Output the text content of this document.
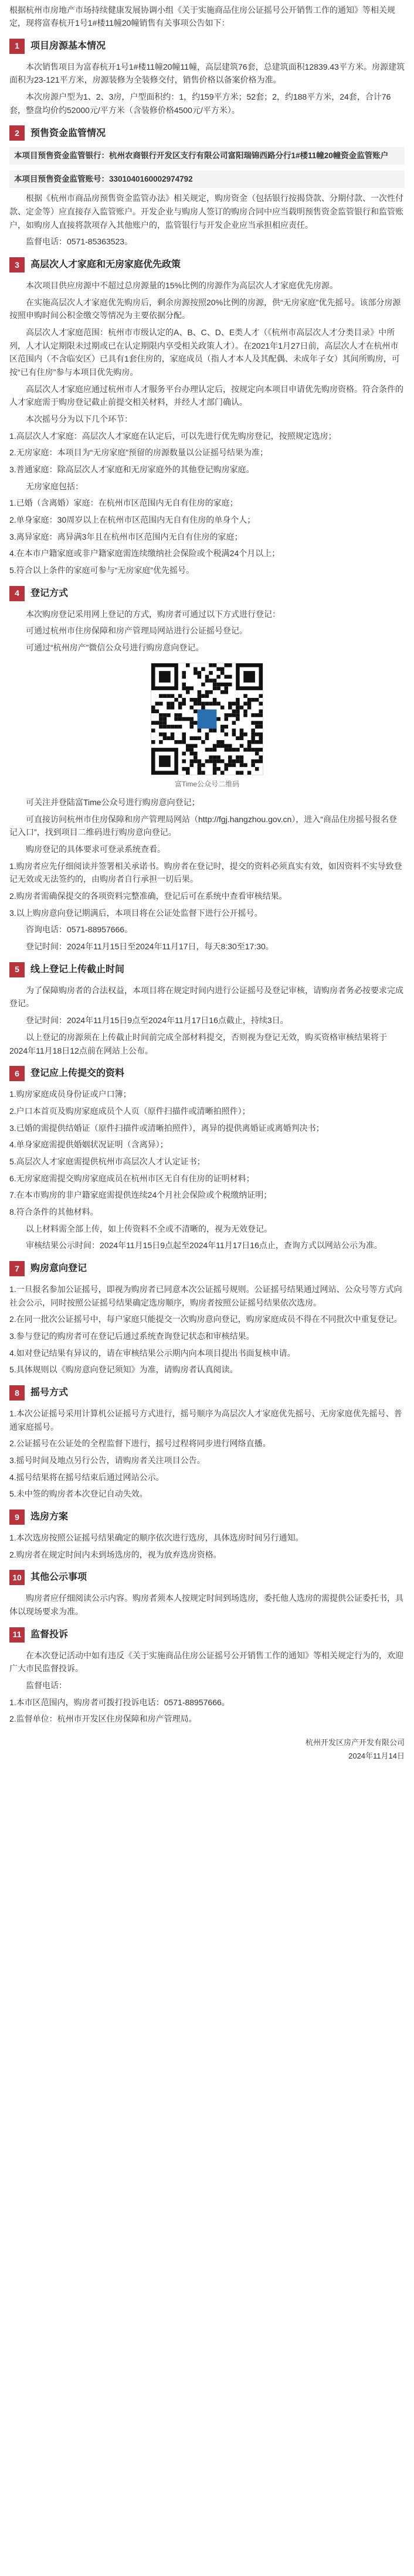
根据杭州市房地产市场持续健康发展协调小组《关于实施商品住房公证摇号公开销售工作的通知》等相关规定，现将富春杭开1号1#楼11幢20幢销售有关事项公告如下：

1	项目房源基本情况

本次销售项目为富春杭开1号1#楼11幢20幢11幢，高层建筑76套，总建筑面积12839.43平方米。房源建筑面积为23-121平方米，房源装修为全装修交付，销售价格以备案价格为准。

本次房源户型为1、2、3房，户型面积约：1，约159平方米；52套；2，约188平方米，24套，合计76套，整盘均价约52000元/平方米（含装修价格4500元/平方米）。

2	预售资金监管情况
本项目预售资金监管银行：杭州农商银行开发区支行有限公司富阳瑞锦西路分行1#楼11幢20幢资金监管账户
本项目预售资金监管账号：3301040160002974792

根据《杭州市商品房预售资金监管办法》相关规定，购房资金（包括银行按揭贷款、分期付款、一次性付款、定金等）应直接存入监管账户。开发企业与购房人签订的购房合同中应当载明预售资金监管银行和监管账户，如购房人直接将款项存入其他账户的，监管银行与开发企业应当承担相应责任。

监督电话：0571-85363523。

3	高层次人才家庭和无房家庭优先政策

本次项目供应房源中不超过总房源量的15%比例的房源作为高层次人才家庭优先房源。

在实施高层次人才家庭优先购房后，剩余房源按照20%比例的房源，供“无房家庭”优先摇号。该部分房源按照申购时间公积金缴交等情况为主要依据分配。

高层次人才家庭范围：杭州市市级认定的A、B、C、D、E类人才（《杭州市高层次人才分类目录》中所列，人才认定期限未过期或已在认定期限内享受相关政策人才）。在2021年1月27日前，高层次人才在杭州市区范围内（不含临安区）已具有1套住房的，家庭成员（指人才本人及其配偶、未成年子女）其间所购房，可按“已有住房”参与本项目优先购房。

高层次人才家庭应通过杭州市人才服务平台办理认定后，按规定向本项目申请优先购房资格。符合条件的人才家庭需于购房登记截止前提交相关材料，并经人才部门确认。

本次摇号分为以下几个环节：

1.高层次人才家庭：高层次人才家庭在认定后，可以先进行优先购房登记，按照规定选房；

2.无房家庭：本项目为“无房家庭”预留的房源数量以公证摇号结果为准；

3.普通家庭：除高层次人才家庭和无房家庭外的其他登记购房家庭。

无房家庭包括：

1.已婚（含离婚）家庭：在杭州市区范围内无自有住房的家庭；

2.单身家庭：30周岁以上在杭州市区范围内无自有住房的单身个人；

3.离异家庭：离异满3年且在杭州市区范围内无自有住房的家庭；

4.在本市户籍家庭或非户籍家庭需连续缴纳社会保险或个税满24个月以上；

5.符合以上条件的家庭可参与“无房家庭”优先摇号。

4	登记方式

本次购房登记采用网上登记的方式，购房者可通过以下方式进行登记：

可通过杭州市住房保障和房产管理局网站进行公证摇号登记。

可通过“杭州房产”微信公众号进行购房意向登记。

富Time公众号二维码

可关注并登陆富Time公众号进行购房意向登记；

可直接访问杭州市住房保障和房产管理局网站（http://fgj.hangzhou.gov.cn），进入“商品住房摇号报名登记入口”，找到项目二维码进行购房意向登记。

购房登记的具体要求可登录系统查看。

1.购房者应先仔细阅读并签署相关承诺书。购房者在登记时，提交的资料必须真实有效，如因资料不实导致登记无效或无法签约的，由购房者自行承担一切后果。

2.购房者需确保提交的各项资料完整准确，登记后可在系统中查看审核结果。

3.以上购房意向登记期满后，本项目将在公证处监督下进行公开摇号。

咨询电话：0571-88957666。

登记时间：2024年11月15日至2024年11月17日，每天8:30至17:30。

5	线上登记上传截止时间

为了保障购房者的合法权益，本项目将在规定时间内进行公证摇号及登记审核，请购房者务必按要求完成登记。

登记时间：2024年11月15日9点至2024年11月17日16点截止，持续3日。

以上登记的房源须在上传截止时间前完成全部材料提交，否则视为登记无效，购买资格审核结果将于2024年11月18日12点前在网站上公布。

6	登记应上传提交的资料

1.购房家庭成员身份证或户口簿；

2.户口本首页及购房家庭成员个人页（原件扫描件或清晰拍照件）；

3.已婚的需提供结婚证（原件扫描件或清晰拍照件），离异的提供离婚证或离婚判决书；

4.单身家庭需提供婚姻状况证明（含离异）；

5.高层次人才家庭需提供杭州市高层次人才认定证书；

6.无房家庭需提交购房家庭成员在杭州市区无自有住房的证明材料；

7.在本市购房的非户籍家庭需提供连续24个月社会保险或个税缴纳证明；

8.符合条件的其他材料。

以上材料需全部上传，如上传资料不全或不清晰的，视为无效登记。

审核结果公示时间：2024年11月15日9点起至2024年11月17日16点止，查询方式以网站公示为准。

7	购房意向登记

1.一旦报名参加公证摇号，即视为购房者已同意本次公证摇号规则。公证摇号结果通过网站、公众号等方式向社会公示，同时按照公证摇号结果确定选房顺序，购房者按照公证摇号结果依次选房。

2.在同一批次公证摇号中，每户家庭只能提交一次购房意向登记，购房家庭成员不得在不同批次中重复登记。

3.参与登记的购房者可在登记后通过系统查询登记状态和审核结果。

4.如对登记结果有异议的，请在审核结果公示期内向本项目提出书面复核申请。

5.具体规则以《购房意向登记须知》为准，请购房者认真阅读。

8	摇号方式

1.本次公证摇号采用计算机公证摇号方式进行，摇号顺序为高层次人才家庭优先摇号、无房家庭优先摇号、普通家庭摇号。

2.公证摇号在公证处的全程监督下进行，摇号过程将同步进行网络直播。

3.摇号时间及地点另行公告，请购房者关注项目公告。

4.摇号结果将在摇号结束后通过网站公示。

5.未中签的购房者本次登记自动失效。

9	选房方案

1.本次选房按照公证摇号结果确定的顺序依次进行选房，具体选房时间另行通知。

2.购房者在规定时间内未到场选房的，视为放弃选房资格。

10 其他公示事项

购房者应仔细阅读公示内容。购房者须本人按规定时间到场选房，委托他人选房的需提供公证委托书，具体以现场要求为准。

11 监督投诉

在本次登记活动中如有违反《关于实施商品住房公证摇号公开销售工作的通知》等相关规定行为的，欢迎广大市民监督投诉。

监督电话：

1.本市区范围内，购房者可拨打投诉电话：0571-88957666。

2.监督单位：杭州市开发区住房保障和房产管理局。

杭州开发区房产开发有限公司
2024年11月14日
